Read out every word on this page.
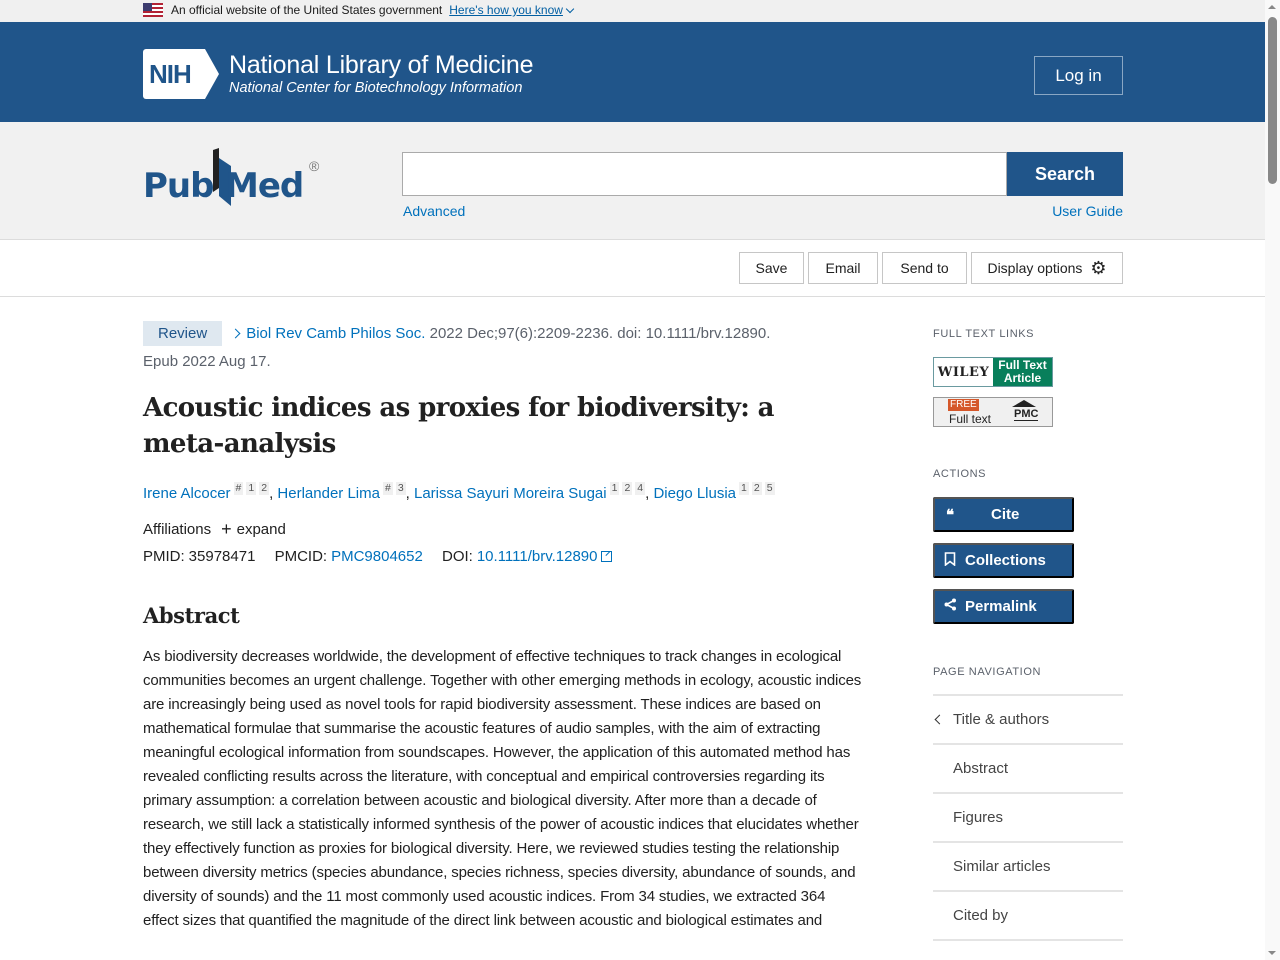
An official website of the United States government Here's how you know
NIH	National Library of Medicine
National Center for Biotechnology Information
Log in
Pub Med ®	Search
Advanced	User Guide
Save	Email	Send to	Display options ⚙
Review	Biol Rev Camb Philos Soc. 2022 Dec;97(6):2209-2236. doi: 10.1111/brv.12890.
Epub 2022 Aug 17.
Acoustic indices as proxies for biodiversity: a meta-analysis
Irene Alcocer # 1 2 , Herlander Lima # 3 , Larissa Sayuri Moreira Sugai 1 2 4 , Diego Llusia 1 2 5
Affiliations + expand
PMID: 35978471 PMCID: PMC9804652 DOI: 10.1111/brv.12890
Abstract

As biodiversity decreases worldwide, the development of effective techniques to track changes in ecological communities becomes an urgent challenge. Together with other emerging methods in ecology, acoustic indices are increasingly being used as novel tools for rapid biodiversity assessment. These indices are based on mathematical formulae that summarise the acoustic features of audio samples, with the aim of extracting meaningful ecological information from soundscapes. However, the application of this automated method has revealed conflicting results across the literature, with conceptual and empirical controversies regarding its primary assumption: a correlation between acoustic and biological diversity. After more than a decade of research, we still lack a statistically informed synthesis of the power of acoustic indices that elucidates whether they effectively function as proxies for biological diversity. Here, we reviewed studies testing the relationship between diversity metrics (species abundance, species richness, species diversity, abundance of sounds, and diversity of sounds) and the 11 most commonly used acoustic indices. From 34 studies, we extracted 364 effect sizes that quantified the magnitude of the direct link between acoustic and biological estimates and

FULL TEXT LINKS
WILEY Full Text
Article
FREE
Full text PMC
ACTIONS
❝	Cite
Collections
Permalink
PAGE NAVIGATION
Title & authors
Abstract
Figures
Similar articles
Cited by
